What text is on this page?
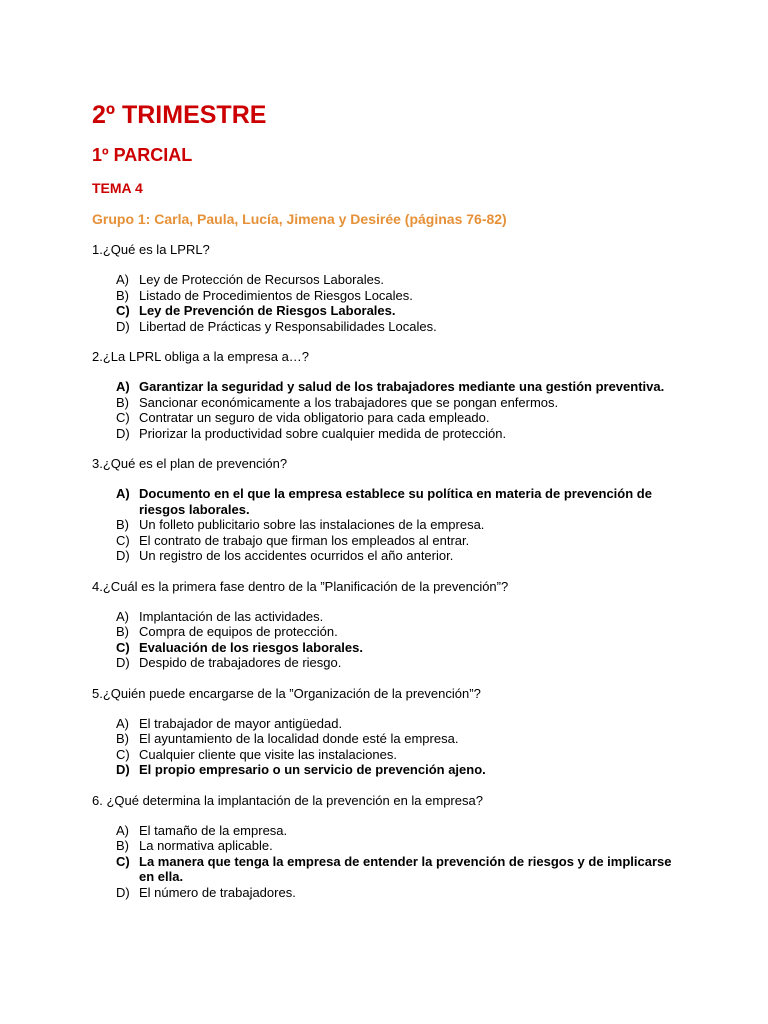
2º TRIMESTRE
1º PARCIAL
TEMA 4
Grupo 1: Carla, Paula, Lucía, Jimena y Desirée (páginas 76-82)

1.¿Qué es la LPRL?

A) Ley de Protección de Recursos Laborales.
B) Listado de Procedimientos de Riesgos Locales.
C) Ley de Prevención de Riesgos Laborales.
D) Libertad de Prácticas y Responsabilidades Locales.

2.¿La LPRL obliga a la empresa a…?

A) Garantizar la seguridad y salud de los trabajadores mediante una gestión preventiva.
B) Sancionar económicamente a los trabajadores que se pongan enfermos.
C) Contratar un seguro de vida obligatorio para cada empleado.
D) Priorizar la productividad sobre cualquier medida de protección.

3.¿Qué es el plan de prevención?

A) Documento en el que la empresa establece su política en materia de prevención de riesgos laborales.
B) Un folleto publicitario sobre las instalaciones de la empresa.
C) El contrato de trabajo que firman los empleados al entrar.
D) Un registro de los accidentes ocurridos el año anterior.

4.¿Cuál es la primera fase dentro de la ”Planificación de la prevención”?

A) Implantación de las actividades.
B) Compra de equipos de protección.
C) Evaluación de los riesgos laborales.
D) Despido de trabajadores de riesgo.

5.¿Quién puede encargarse de la ”Organización de la prevención”?

A) El trabajador de mayor antigüedad.
B) El ayuntamiento de la localidad donde esté la empresa.
C) Cualquier cliente que visite las instalaciones.
D) El propio empresario o un servicio de prevención ajeno.

6. ¿Qué determina la implantación de la prevención en la empresa?

A) El tamaño de la empresa.
B) La normativa aplicable.
C) La manera que tenga la empresa de entender la prevención de riesgos y de implicarse en ella.
D) El número de trabajadores.
